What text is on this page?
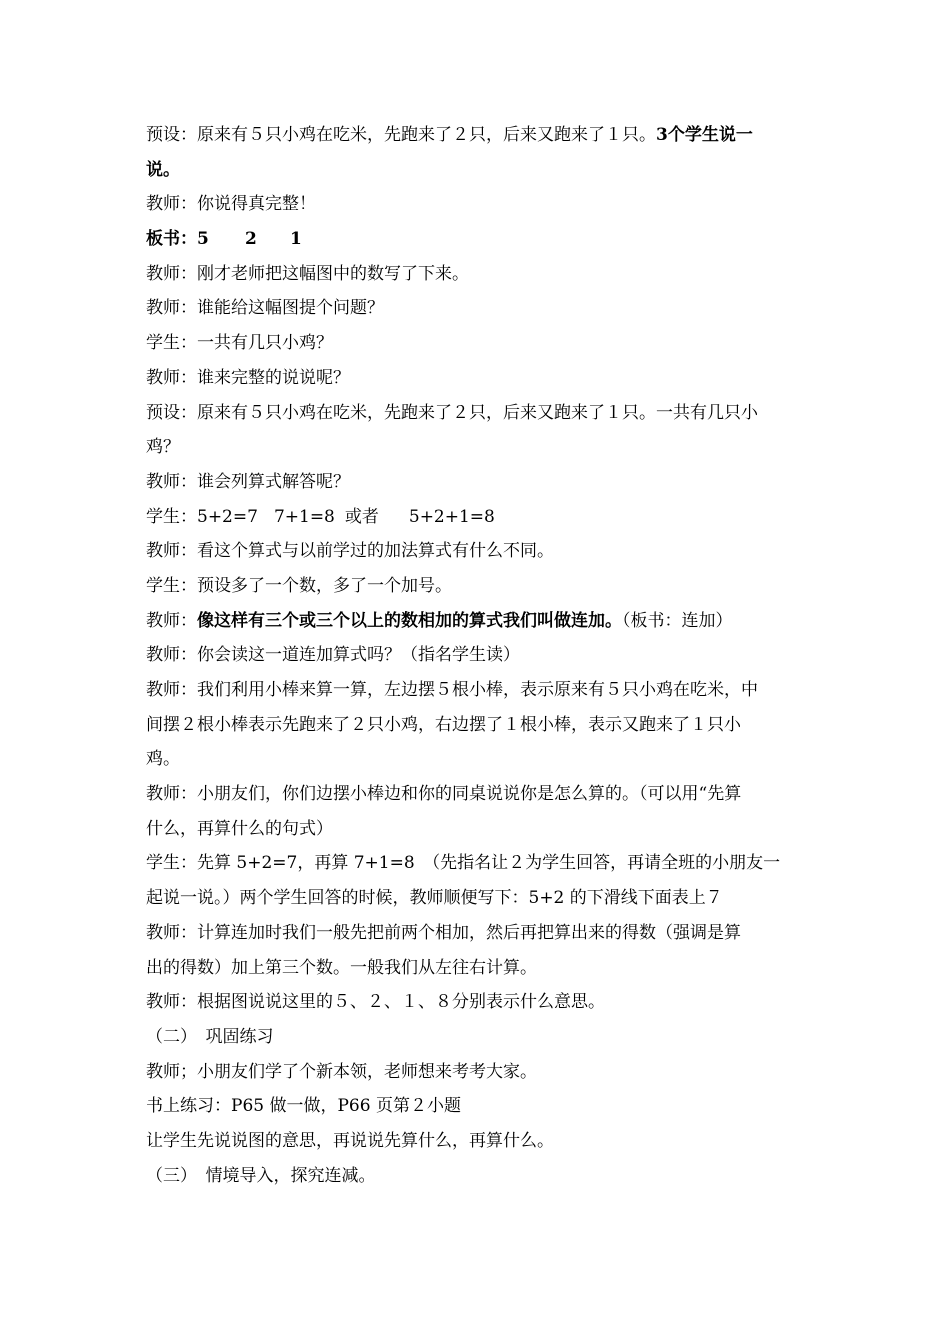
预设：原来有５只小鸡在吃米，先跑来了２只，后来又跑来了１只。3个学生说一
说。
教师：你说得真完整！
板书：5 2 1
教师：刚才老师把这幅图中的数写了下来。
教师：谁能给这幅图提个问题？
学生：一共有几只小鸡？
教师：谁来完整的说说呢？
预设：原来有５只小鸡在吃米，先跑来了２只，后来又跑来了１只。一共有几只小
鸡？
教师：谁会列算式解答呢？
学生：5+2=7 7+1=8 或者 5+2+1=8
教师：看这个算式与以前学过的加法算式有什么不同。
学生：预设多了一个数，多了一个加号。
教师：像这样有三个或三个以上的数相加的算式我们叫做连加。（板书：连加）
教师：你会读这一道连加算式吗？（指名学生读）
教师：我们利用小棒来算一算，左边摆５根小棒，表示原来有５只小鸡在吃米，中
间摆２根小棒表示先跑来了２只小鸡，右边摆了１根小棒，表示又跑来了１只小
鸡。
教师：小朋友们，你们边摆小棒边和你的同桌说说你是怎么算的。（可以用“先算
什么，再算什么的句式）
学生：先算 5+2=7，再算 7+1=8　（先指名让２为学生回答，再请全班的小朋友一
起说一说。）两个学生回答的时候，教师顺便写下：5+2 的下滑线下面表上７
教师：计算连加时我们一般先把前两个相加，然后再把算出来的得数（强调是算
出的得数）加上第三个数。一般我们从左往右计算。
教师：根据图说说这里的５、２、１、８分别表示什么意思。
（二）　巩固练习
教师；小朋友们学了个新本领，老师想来考考大家。
书上练习：P65 做一做，P66 页第２小题
让学生先说说图的意思，再说说先算什么，再算什么。
（三）　情境导入，探究连减。
